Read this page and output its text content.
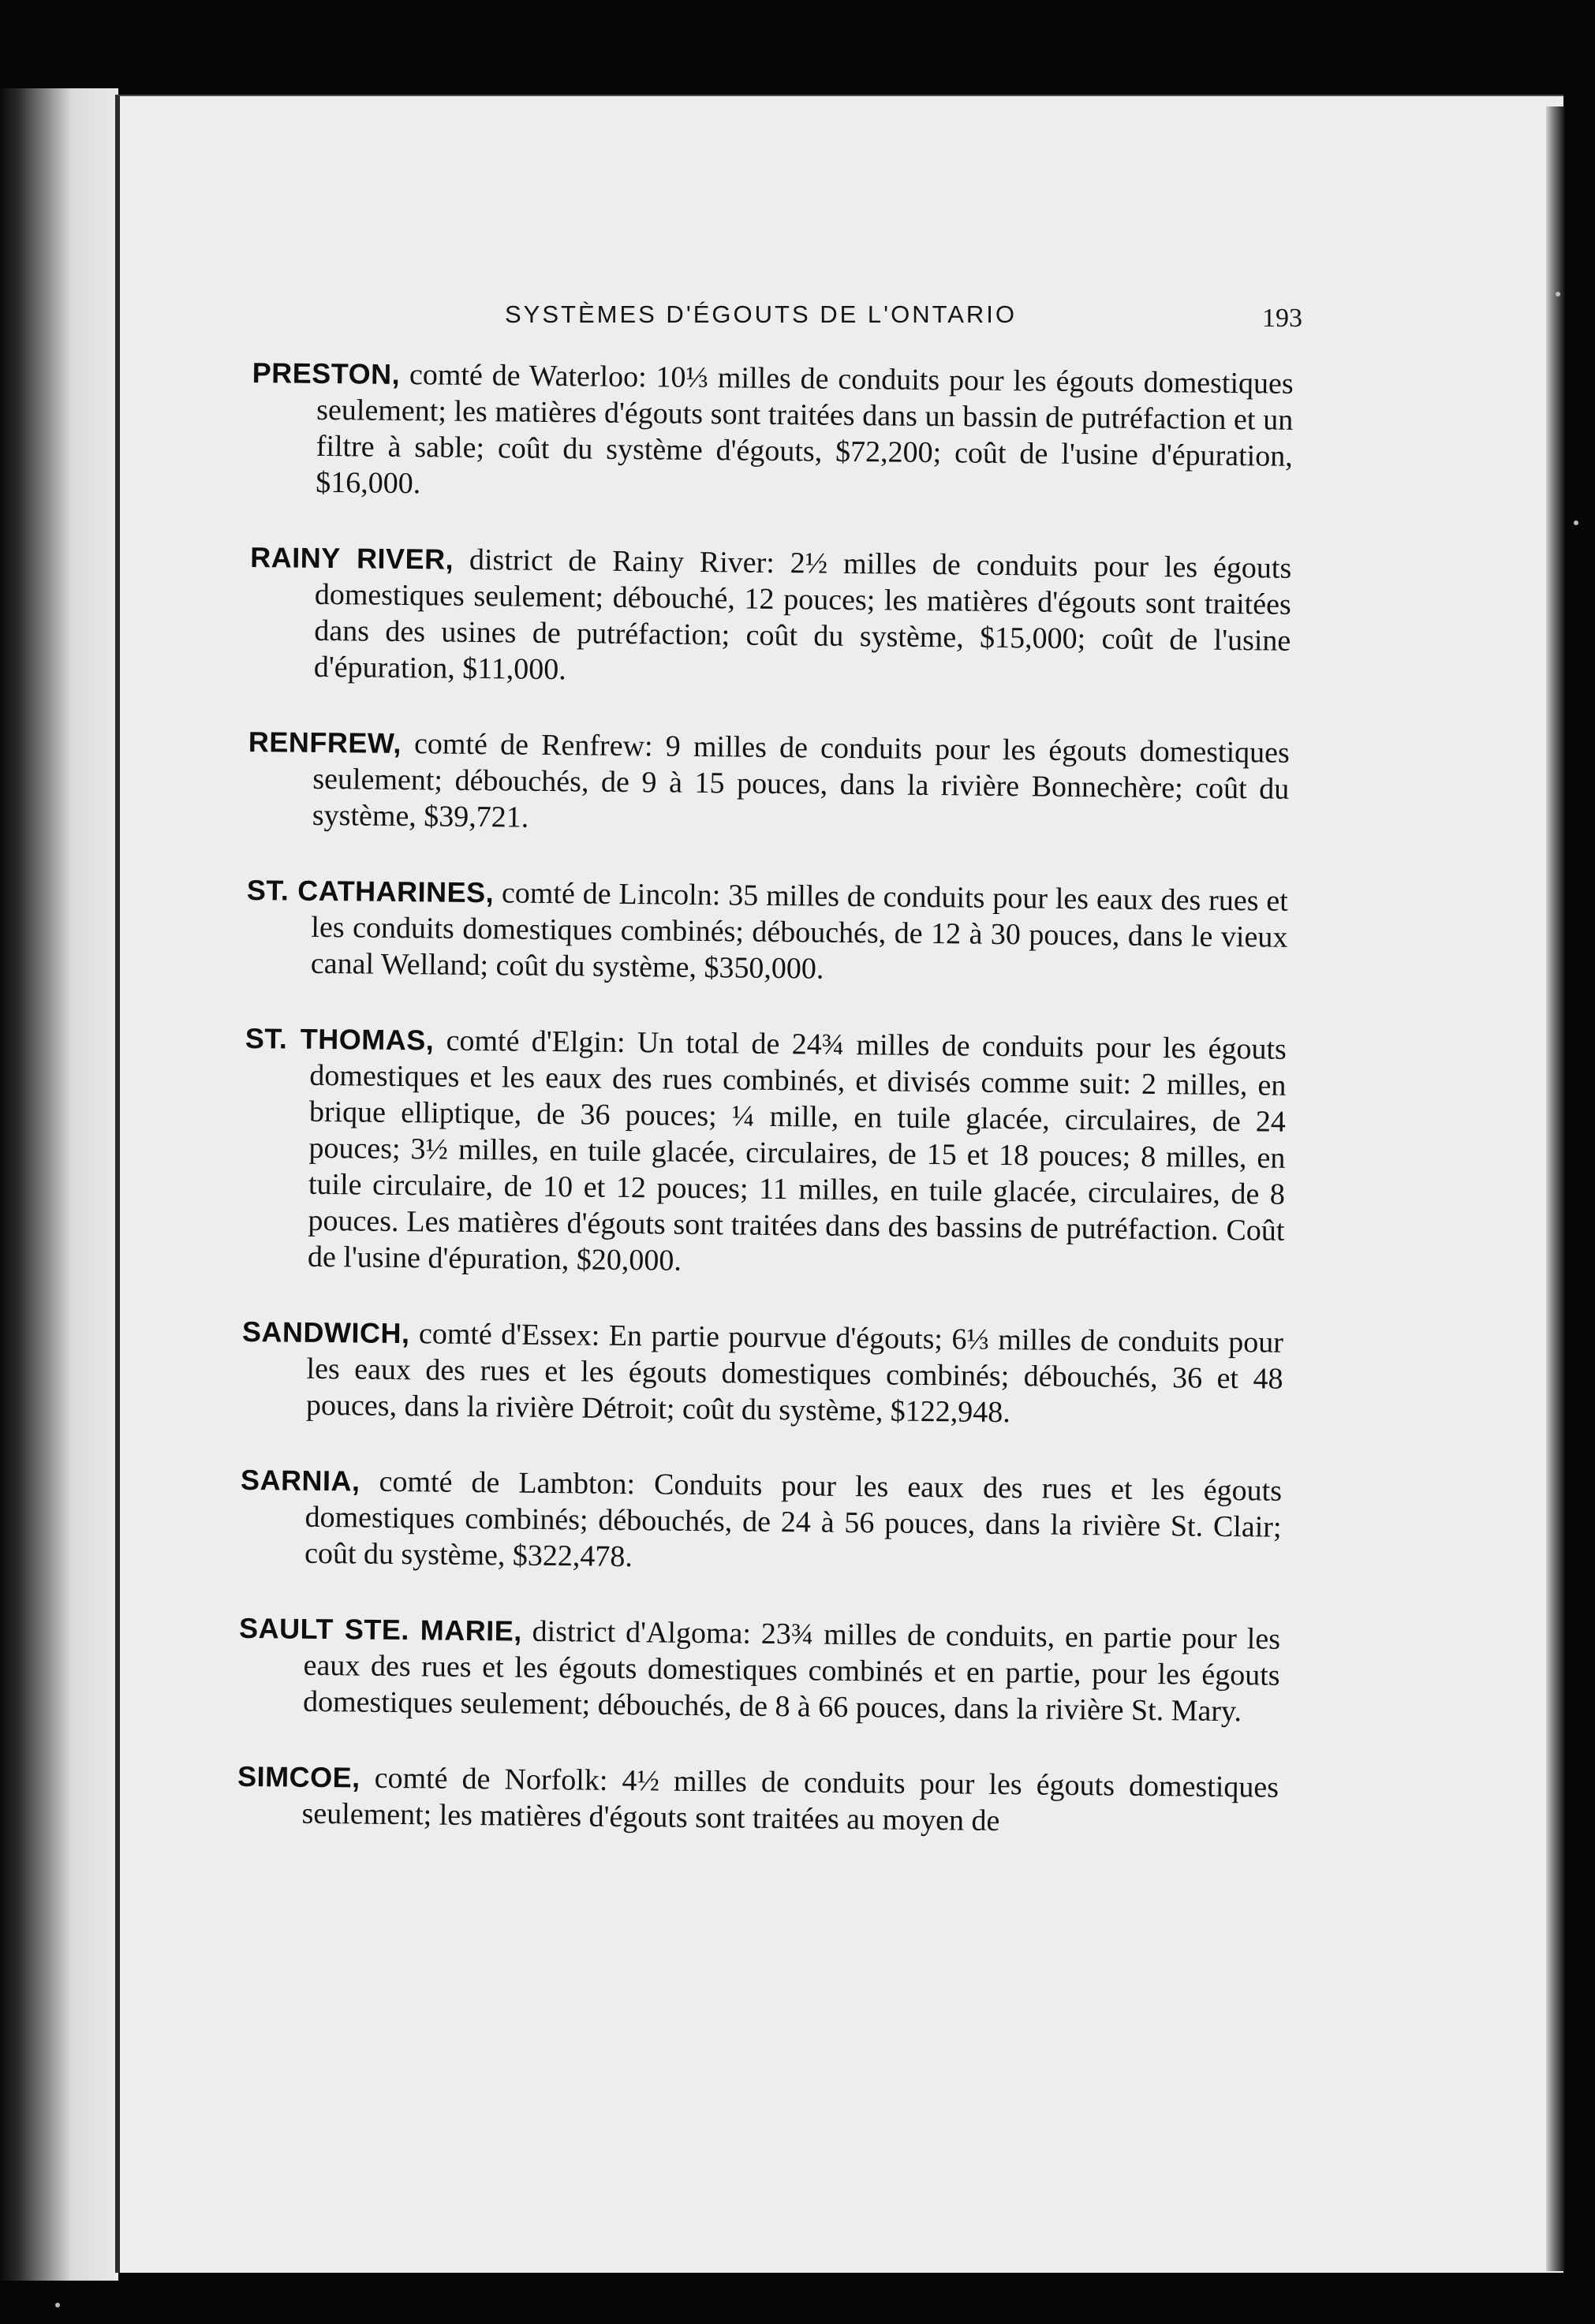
SYSTÈMES D'ÉGOUTS DE L'ONTARIO	193

PRESTON, comté de Waterloo: 10⅓ milles de conduits pour les égouts domestiques seulement; les matières d'égouts sont traitées dans un bassin de putréfaction et un filtre à sable; coût du système d'égouts, $72,200; coût de l'usine d'épuration, $16,000.

RAINY RIVER, district de Rainy River: 2½ milles de conduits pour les égouts domestiques seulement; débouché, 12 pouces; les matières d'égouts sont traitées dans des usines de putréfaction; coût du système, $15,000; coût de l'usine d'épuration, $11,000.

RENFREW, comté de Renfrew: 9 milles de conduits pour les égouts domestiques seulement; débouchés, de 9 à 15 pouces, dans la rivière Bonnechère; coût du système, $39,721.

ST. CATHARINES, comté de Lincoln: 35 milles de conduits pour les eaux des rues et les conduits domestiques combinés; débouchés, de 12 à 30 pouces, dans le vieux canal Welland; coût du système, $350,000.

ST. THOMAS, comté d'Elgin: Un total de 24¾ milles de conduits pour les égouts domestiques et les eaux des rues combinés, et divisés comme suit: 2 milles, en brique elliptique, de 36 pouces; ¼ mille, en tuile glacée, circulaires, de 24 pouces; 3½ milles, en tuile glacée, circulaires, de 15 et 18 pouces; 8 milles, en tuile circulaire, de 10 et 12 pouces; 11 milles, en tuile glacée, circulaires, de 8 pouces. Les matières d'égouts sont traitées dans des bassins de putréfaction. Coût de l'usine d'épuration, $20,000.

SANDWICH, comté d'Essex: En partie pourvue d'égouts; 6⅓ milles de conduits pour les eaux des rues et les égouts domestiques combinés; débouchés, 36 et 48 pouces, dans la rivière Détroit; coût du système, $122,948.

SARNIA, comté de Lambton: Conduits pour les eaux des rues et les égouts domestiques combinés; débouchés, de 24 à 56 pouces, dans la rivière St. Clair; coût du système, $322,478.

SAULT STE. MARIE, district d'Algoma: 23¾ milles de conduits, en partie pour les eaux des rues et les égouts domestiques combinés et en partie, pour les égouts domestiques seulement; débouchés, de 8 à 66 pouces, dans la rivière St. Mary.

SIMCOE, comté de Norfolk: 4½ milles de conduits pour les égouts domestiques seulement; les matières d'égouts sont traitées au moyen de
